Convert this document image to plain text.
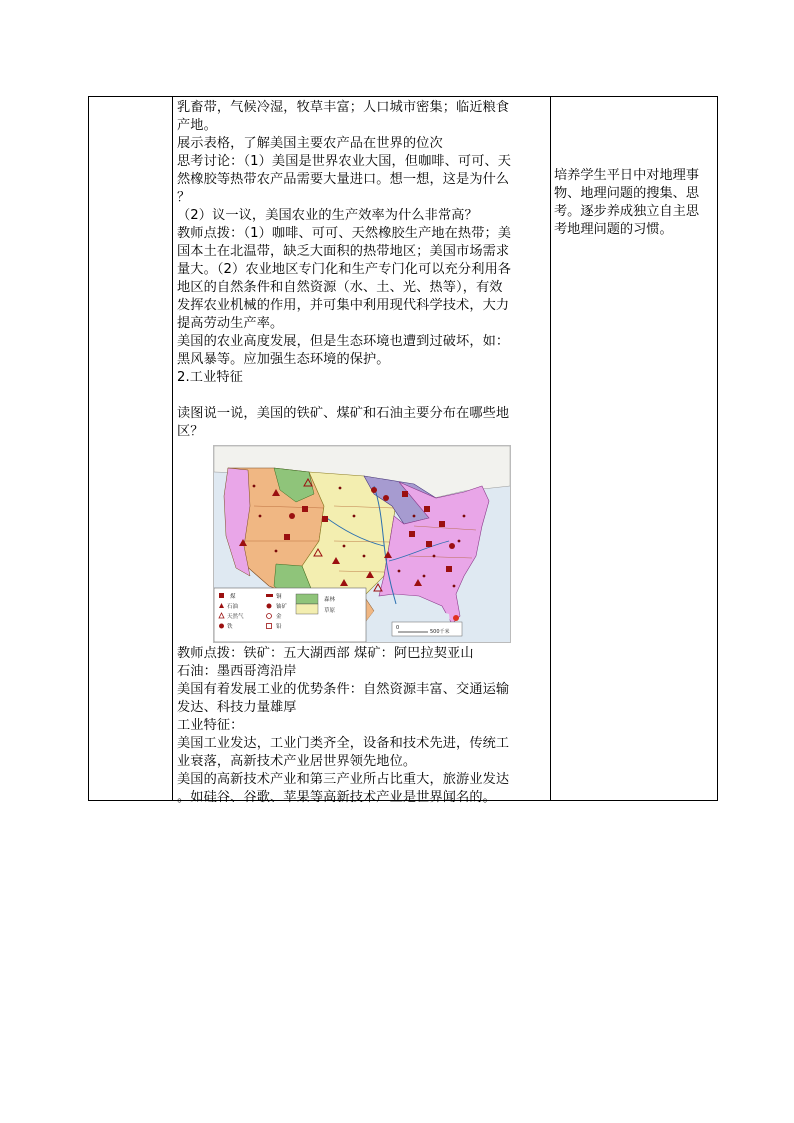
乳畜带，气候冷湿，牧草丰富；人口城市密集；临近粮食
产地。
展示表格，了解美国主要农产品在世界的位次
思考讨论：（1）美国是世界农业大国，但咖啡、可可、天
然橡胶等热带农产品需要大量进口。想一想，这是为什么
？
（2）议一议，美国农业的生产效率为什么非常高？
教师点拨：（1）咖啡、可可、天然橡胶生产地在热带；美
国本土在北温带，缺乏大面积的热带地区；美国市场需求
量大。（2）农业地区专门化和生产专门化可以充分利用各
地区的自然条件和自然资源（水、土、光、热等），有效
发挥农业机械的作用，并可集中利用现代科学技术，大力
提高劳动生产率。
美国的农业高度发展，但是生态环境也遭到过破坏，如：
黑风暴等。应加强生态环境的保护。
2.工业特征
读图说一说，美国的铁矿、煤矿和石油主要分布在哪些地
区？
煤
石油
天然气
铁
铜
铀矿
金
铅
森林
草原
0
500千米
教师点拨：铁矿：五大湖西部 煤矿：阿巴拉契亚山
石油：墨西哥湾沿岸
美国有着发展工业的优势条件：自然资源丰富、交通运输
发达、科技力量雄厚
工业特征：
美国工业发达，工业门类齐全，设备和技术先进，传统工
业衰落，高新技术产业居世界领先地位。
美国的高新技术产业和第三产业所占比重大，旅游业发达
。如硅谷、谷歌、苹果等高新技术产业是世界闻名的。
培养学生平日中对地理事
物、地理问题的搜集、思
考。逐步养成独立自主思
考地理问题的习惯。
